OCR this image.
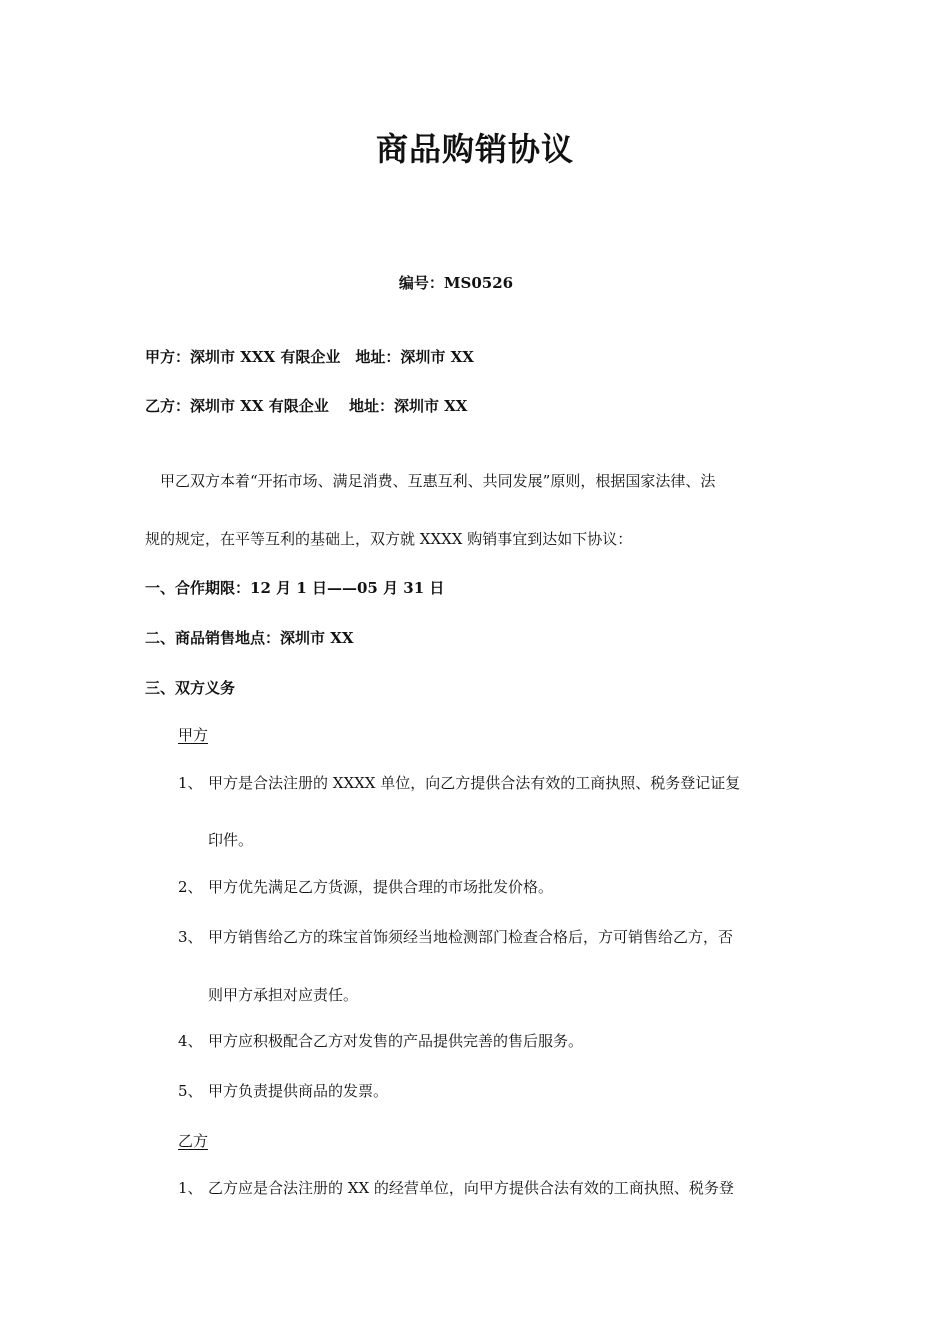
商品购销协议
编号：MS0526
甲方：深圳市 XXX 有限企业　地址：深圳市 XX
乙方：深圳市 XX 有限企业　 地址：深圳市 XX
甲乙双方本着“开拓市场、满足消费、互惠互利、共同发展”原则，根据国家法律、法
规的规定，在平等互利的基础上，双方就 XXXX 购销事宜到达如下协议：
一、合作期限：12 月 1 日——05 月 31 日
二、商品销售地点：深圳市 XX
三、双方义务
甲方
1、 甲方是合法注册的 XXXX 单位，向乙方提供合法有效的工商执照、税务登记证复
印件。
2、 甲方优先满足乙方货源，提供合理的市场批发价格。
3、 甲方销售给乙方的珠宝首饰须经当地检测部门检查合格后，方可销售给乙方，否
则甲方承担对应责任。
4、 甲方应积极配合乙方对发售的产品提供完善的售后服务。
5、 甲方负责提供商品的发票。
乙方
1、 乙方应是合法注册的 XX 的经营单位，向甲方提供合法有效的工商执照、税务登
